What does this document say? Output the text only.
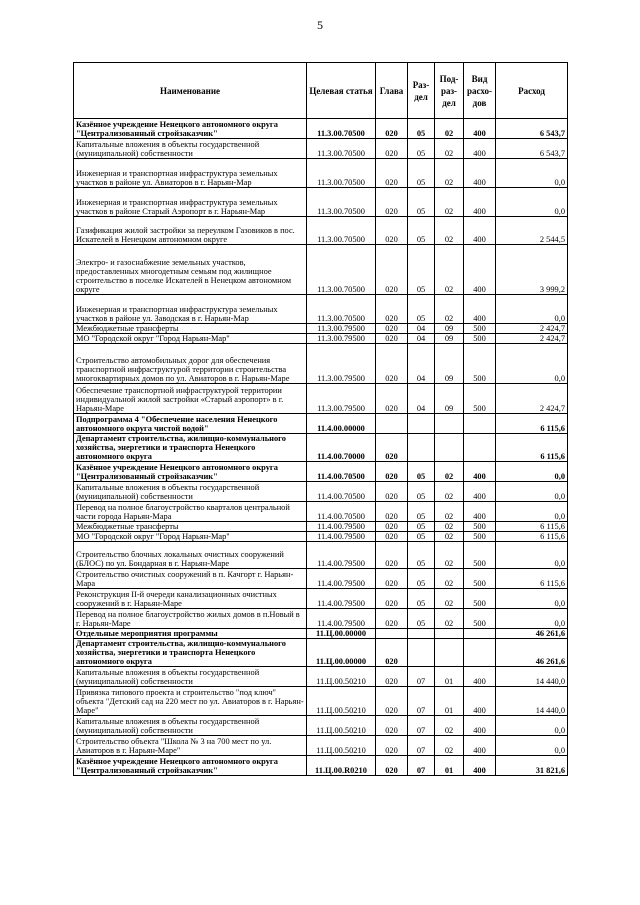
5
Наименование	Целевая статья	Глава	Раз- дел	Под- раз- дел	Вид расхо- дов	Расход
Казённое учреждение Ненецкого автономного округа "Централизованный стройзаказчик"	11.3.00.70500	020	05	02	400	6 543,7
Капитальные вложения в объекты государственной (муниципальной) собственности	11.3.00.70500	020	05	02	400	6 543,7
Инженерная и транспортная инфраструктура земельных участков в районе ул. Авиаторов в г. Нарьян-Мар	11.3.00.70500	020	05	02	400	0,0
Инженерная и транспортная инфраструктура земельных участков в районе Старый Аэропорт в г. Нарьян-Мар	11.3.00.70500	020	05	02	400	0,0
Газификация жилой застройки за переулком Газовиков в пос. Искателей в Ненецком автономном округе	11.3.00.70500	020	05	02	400	2 544,5
Электро- и газоснабжение земельных участков, предоставленных многодетным семьям под жилищное строительство в поселке Искателей в Ненецком автономном округе	11.3.00.70500	020	05	02	400	3 999,2
Инженерная и транспортная инфраструктура земельных участков в районе ул. Заводская в г. Нарьян-Мар	11.3.00.70500	020	05	02	400	0,0
Межбюджетные трансферты	11.3.00.79500	020	04	09	500	2 424,7
МО "Городской округ "Город Нарьян-Мар"	11.3.00.79500	020	04	09	500	2 424,7
Строительство автомобильных дорог для обеспечения транспортной инфраструктурой территории строительства многоквартирных домов по ул. Авиаторов в г. Нарьян-Маре	11.3.00.79500	020	04	09	500	0,0
Обеспечение транспортной инфраструктурой территории индивидуальной жилой застройки «Старый аэропорт» в г. Нарьян-Маре	11.3.00.79500	020	04	09	500	2 424,7
Подпрограмма 4 "Обеспечение населения Ненецкого автономного округа чистой водой"	11.4.00.00000					6 115,6
Департамент строительства, жилищно-коммунального хозяйства, энергетики и транспорта Ненецкого автономного округа	11.4.00.70000	020				6 115,6
Казённое учреждение Ненецкого автономного округа "Централизованный стройзаказчик"	11.4.00.70500	020	05	02	400	0,0
Капитальные вложения в объекты государственной (муниципальной) собственности	11.4.00.70500	020	05	02	400	0,0
Перевод на полное благоустройство кварталов центральной части города Нарьян-Мара	11.4.00.70500	020	05	02	400	0,0
Межбюджетные трансферты	11.4.00.79500	020	05	02	500	6 115,6
МО "Городской округ "Город Нарьян-Мар"	11.4.00.79500	020	05	02	500	6 115,6
Строительство блочных локальных очистных сооружений (БЛОС) по ул. Бондарная в г. Нарьян-Маре	11.4.00.79500	020	05	02	500	0,0
Строительство очистных сооружений в п. Качгорт г. Нарьян-Мара	11.4.00.79500	020	05	02	500	6 115,6
Реконструкция II-й очереди канализационных очистных сооружений в г. Нарьян-Маре	11.4.00.79500	020	05	02	500	0,0
Перевод на полное благоустройство жилых домов в п.Новый в г. Нарьян-Маре	11.4.00.79500	020	05	02	500	0,0
Отдельные мероприятия программы	11.Ц.00.00000					46 261,6
Департамент строительства, жилищно-коммунального хозяйства, энергетики и транспорта Ненецкого автономного округа	11.Ц.00.00000	020				46 261,6
Капитальные вложения в объекты государственной (муниципальной) собственности	11.Ц.00.50210	020	07	01	400	14 440,0
Привязка типового проекта и строительство "под ключ" объекта "Детский сад на 220 мест по ул. Авиаторов в г. Нарьян-Маре"	11.Ц.00.50210	020	07	01	400	14 440,0
Капитальные вложения в объекты государственной (муниципальной) собственности	11.Ц.00.50210	020	07	02	400	0,0
Строительство объекта "Школа № 3 на 700 мест по ул. Авиаторов в г. Нарьян-Маре"	11.Ц.00.50210	020	07	02	400	0,0
Казённое учреждение Ненецкого автономного округа "Централизованный стройзаказчик"	11.Ц.00.R0210	020	07	01	400	31 821,6
